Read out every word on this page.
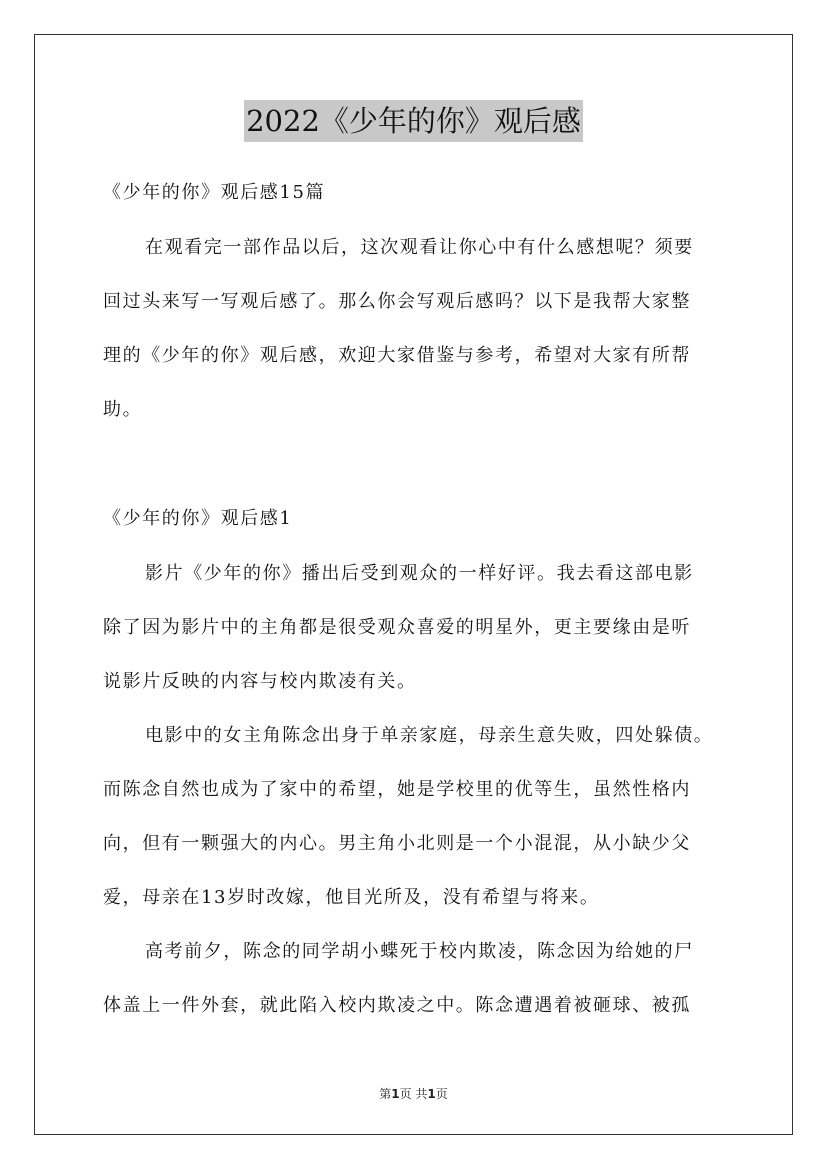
2022《少年的你》观后感
《少年的你》观后感15篇
在观看完一部作品以后，这次观看让你心中有什么感想呢？须要
回过头来写一写观后感了。那么你会写观后感吗？以下是我帮大家整
理的《少年的你》观后感，欢迎大家借鉴与参考，希望对大家有所帮
助。
《少年的你》观后感1
影片《少年的你》播出后受到观众的一样好评。我去看这部电影
除了因为影片中的主角都是很受观众喜爱的明星外，更主要缘由是听
说影片反映的内容与校内欺凌有关。
电影中的女主角陈念出身于单亲家庭，母亲生意失败，四处躲债。
而陈念自然也成为了家中的希望，她是学校里的优等生，虽然性格内
向，但有一颗强大的内心。男主角小北则是一个小混混，从小缺少父
爱，母亲在13岁时改嫁，他目光所及，没有希望与将来。
高考前夕，陈念的同学胡小蝶死于校内欺凌，陈念因为给她的尸
体盖上一件外套，就此陷入校内欺凌之中。陈念遭遇着被砸球、被孤
第1页 共1页
